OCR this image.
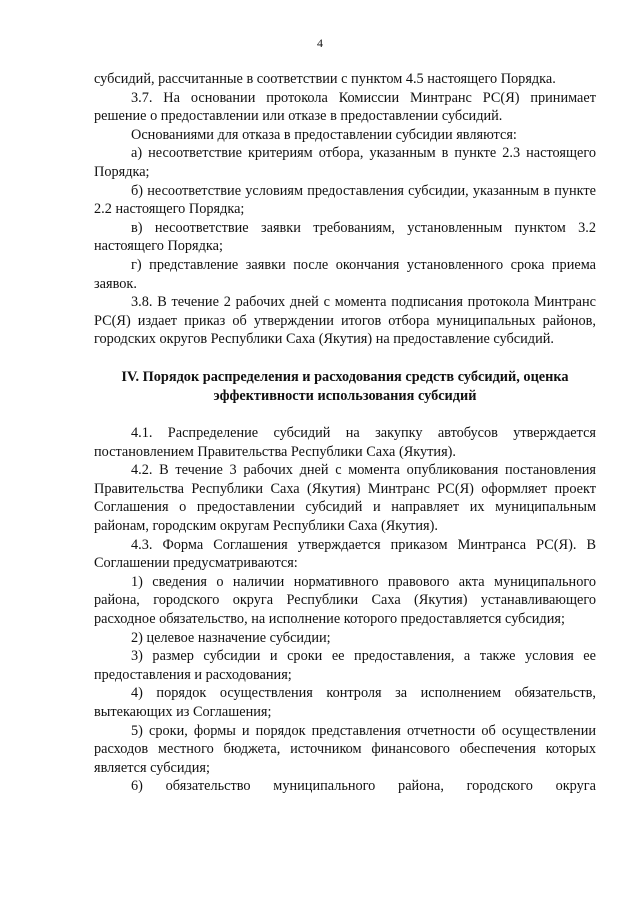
4

субсидий, рассчитанные в соответствии с пунктом 4.5 настоящего Порядка.

3.7. На основании протокола Комиссии Минтранс РС(Я) принимает решение о предоставлении или отказе в предоставлении субсидий.

Основаниями для отказа в предоставлении субсидии являются:

а) несоответствие критериям отбора, указанным в пункте 2.3 настоящего Порядка;

б) несоответствие условиям предоставления субсидии, указанным в пункте 2.2 настоящего Порядка;

в) несоответствие заявки требованиям, установленным пунктом 3.2 настоящего Порядка;

г) представление заявки после окончания установленного срока приема заявок.

3.8. В течение 2 рабочих дней с момента подписания протокола Минтранс РС(Я) издает приказ об утверждении итогов отбора муниципальных районов, городских округов Республики Саха (Якутия) на предоставление субсидий.

IV. Порядок распределения и расходования средств субсидий, оценка эффективности использования субсидий

4.1. Распределение субсидий на закупку автобусов утверждается постановлением Правительства Республики Саха (Якутия).

4.2. В течение 3 рабочих дней с момента опубликования постановления Правительства Республики Саха (Якутия) Минтранс РС(Я) оформляет проект Соглашения о предоставлении субсидий и направляет их муниципальным районам, городским округам Республики Саха (Якутия).

4.3. Форма Соглашения утверждается приказом Минтранса РС(Я). В Соглашении предусматриваются:

1) сведения о наличии нормативного правового акта муниципального района, городского округа Республики Саха (Якутия) устанавливающего расходное обязательство, на исполнение которого предоставляется субсидия;

2) целевое назначение субсидии;

3) размер субсидии и сроки ее предоставления, а также условия ее предоставления и расходования;

4) порядок осуществления контроля за исполнением обязательств, вытекающих из Соглашения;

5) сроки, формы и порядок представления отчетности об осуществлении расходов местного бюджета, источником финансового обеспечения которых является субсидия;

6) обязательство муниципального района, городского округа
